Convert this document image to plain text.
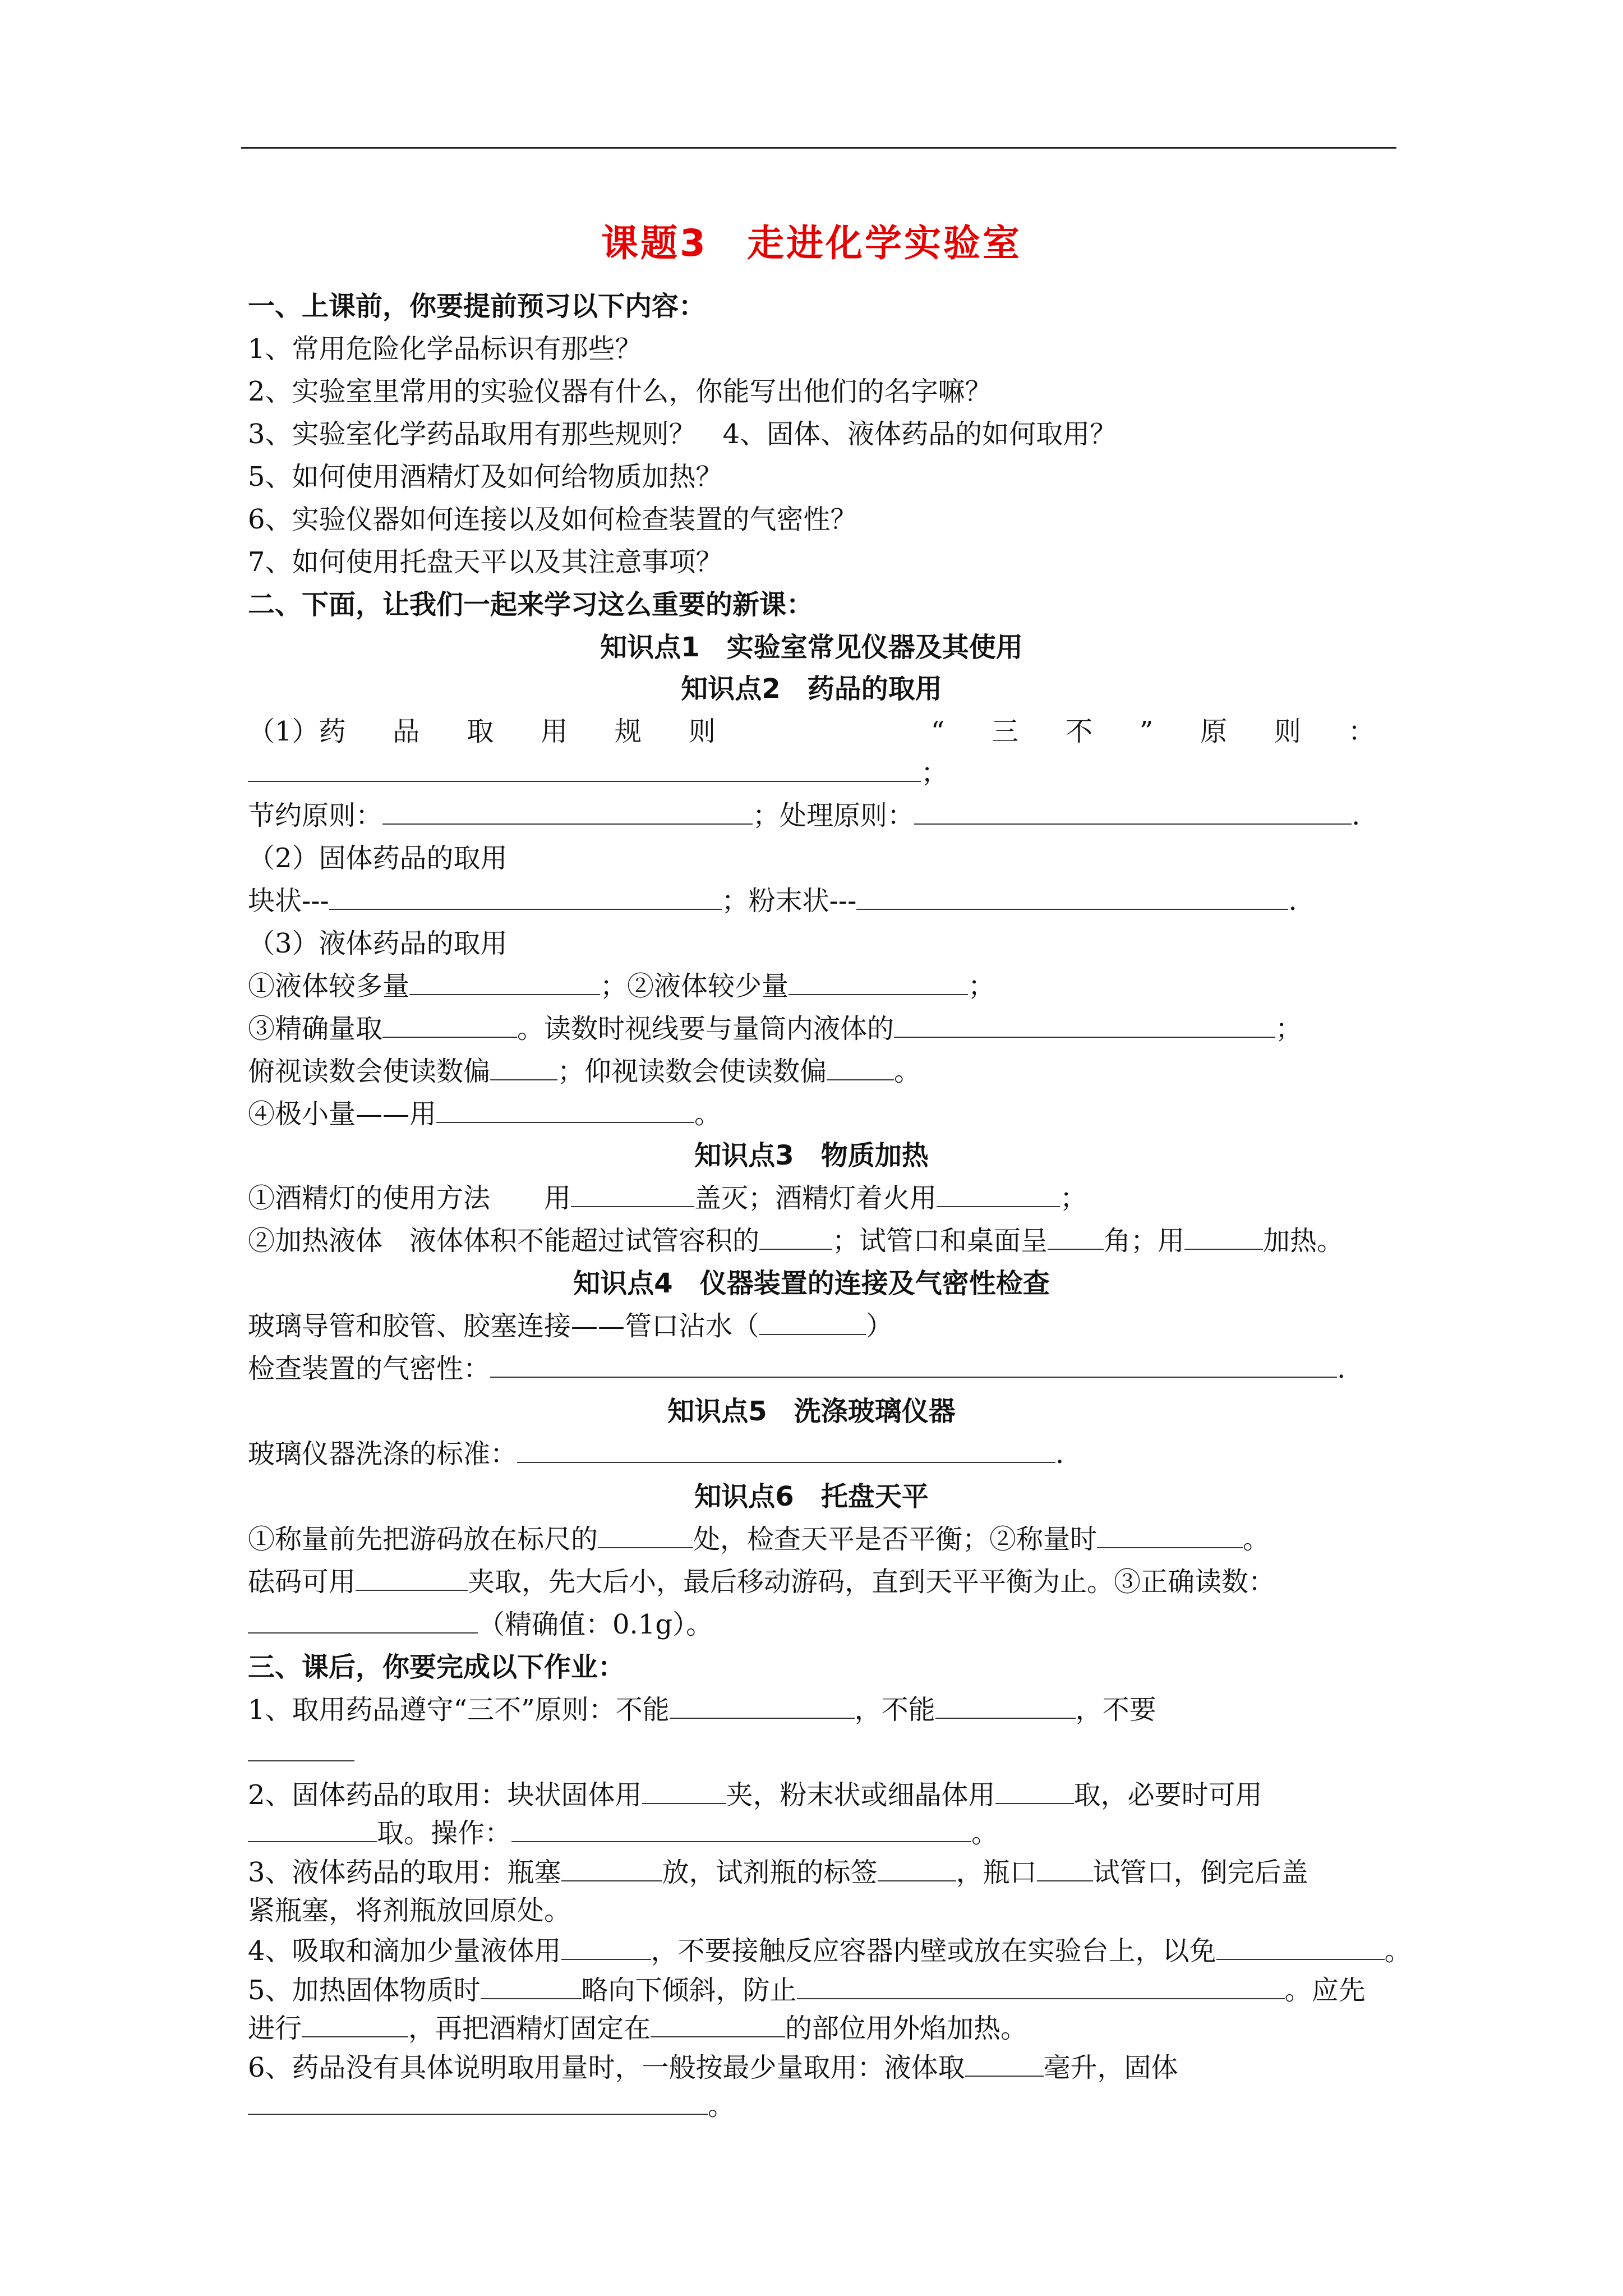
课题3　走进化学实验室
一、上课前，你要提前预习以下内容：
1、常用危险化学品标识有那些？
2、实验室里常用的实验仪器有什么，你能写出他们的名字嘛？
3、实验室化学药品取用有那些规则？　4、固体、液体药品的如何取用？
5、如何使用酒精灯及如何给物质加热？
6、实验仪器如何连接以及如何检查装置的气密性？
7、如何使用托盘天平以及其注意事项？
二、下面，让我们一起来学习这么重要的新课：
知识点1　实验室常见仪器及其使用
知识点2　药品的取用
（1）药 品 取 用 规 则	“ 三 不 ” 原 则 ：
；
节约原则：	；处理原则：	.
（2）固体药品的取用
块状---	；粉末状---	.
（3）液体药品的取用
①液体较多量	；②液体较少量	；
③精确量取	。读数时视线要与量筒内液体的	；
俯视读数会使读数偏	；仰视读数会使读数偏	。
④极小量——用	。
知识点3　物质加热
①酒精灯的使用方法　　用	盖灭；酒精灯着火用	；
②加热液体　液体体积不能超过试管容积的	；试管口和桌面呈 角；用	加热。
知识点4　仪器装置的连接及气密性检查
玻璃导管和胶管、胶塞连接——管口沾水（	）
检查装置的气密性：	.
知识点5　洗涤玻璃仪器
玻璃仪器洗涤的标准：	.
知识点6　托盘天平
①称量前先把游码放在标尺的	处，检查天平是否平衡；②称量时	。
砝码可用	夹取，先大后小，最后移动游码，直到天平平衡为止。③正确读数：
（精确值：0.1g）。
三、课后，你要完成以下作业：
1、取用药品遵守“三不”原则：不能	，不能	，不要
2、固体药品的取用：块状固体用	夹，粉末状或细晶体用	取，必要时可用
取。操作：	。
3、液体药品的取用：瓶塞	放，试剂瓶的标签	，瓶口 试管口，倒完后盖
紧瓶塞，将剂瓶放回原处。
4、吸取和滴加少量液体用	，不要接触反应容器内壁或放在实验台上，以免	。
5、加热固体物质时	略向下倾斜，防止	。应先
进行	，再把酒精灯固定在	的部位用外焰加热。
6、药品没有具体说明取用量时，一般按最少量取用：液体取	毫升，固体
。
